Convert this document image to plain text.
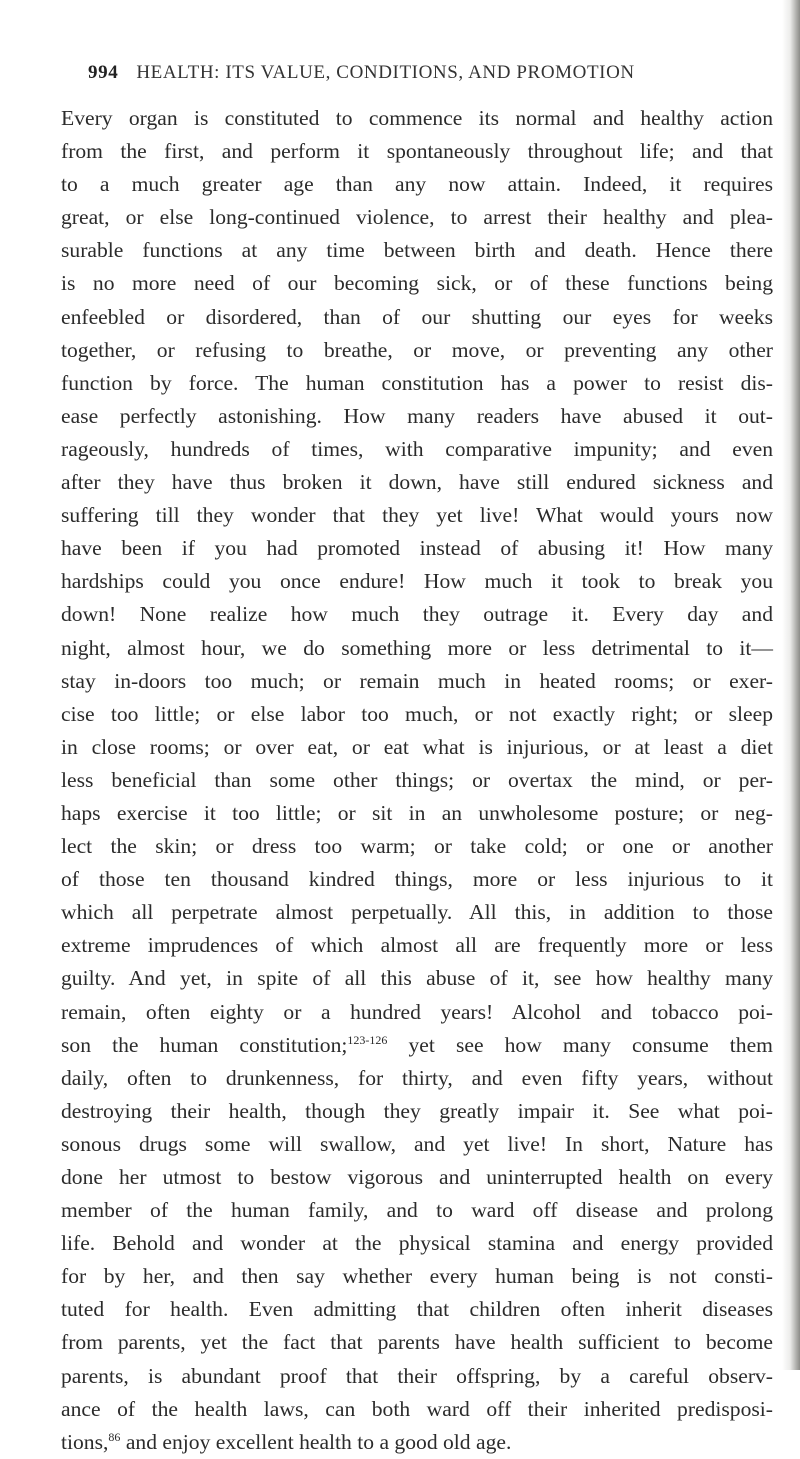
994 HEALTH: ITS VALUE, CONDITIONS, AND PROMOTION
Every organ is constituted to commence its normal and healthy action
from the first, and perform it spontaneously throughout life; and that
to a much greater age than any now attain. Indeed, it requires
great, or else long-continued violence, to arrest their healthy and plea-
surable functions at any time between birth and death. Hence there
is no more need of our becoming sick, or of these functions being
enfeebled or disordered, than of our shutting our eyes for weeks
together, or refusing to breathe, or move, or preventing any other
function by force. The human constitution has a power to resist dis-
ease perfectly astonishing. How many readers have abused it out-
rageously, hundreds of times, with comparative impunity; and even
after they have thus broken it down, have still endured sickness and
suffering till they wonder that they yet live! What would yours now
have been if you had promoted instead of abusing it! How many
hardships could you once endure! How much it took to break you
down! None realize how much they outrage it. Every day and
night, almost hour, we do something more or less detrimental to it—
stay in-doors too much; or remain much in heated rooms; or exer-
cise too little; or else labor too much, or not exactly right; or sleep
in close rooms; or over eat, or eat what is injurious, or at least a diet
less beneficial than some other things; or overtax the mind, or per-
haps exercise it too little; or sit in an unwholesome posture; or neg-
lect the skin; or dress too warm; or take cold; or one or another
of those ten thousand kindred things, more or less injurious to it
which all perpetrate almost perpetually. All this, in addition to those
extreme imprudences of which almost all are frequently more or less
guilty. And yet, in spite of all this abuse of it, see how healthy many
remain, often eighty or a hundred years! Alcohol and tobacco poi-
son the human constitution;$^{123-126}$ yet see how many consume them
daily, often to drunkenness, for thirty, and even fifty years, without
destroying their health, though they greatly impair it. See what poi-
sonous drugs some will swallow, and yet live! In short, Nature has
done her utmost to bestow vigorous and uninterrupted health on every
member of the human family, and to ward off disease and prolong
life. Behold and wonder at the physical stamina and energy provided
for by her, and then say whether every human being is not consti-
tuted for health. Even admitting that children often inherit diseases
from parents, yet the fact that parents have health sufficient to become
parents, is abundant proof that their offspring, by a careful observ-
ance of the health laws, can both ward off their inherited predisposi-
tions,$^{86}$ and enjoy excellent health to a good old age.
